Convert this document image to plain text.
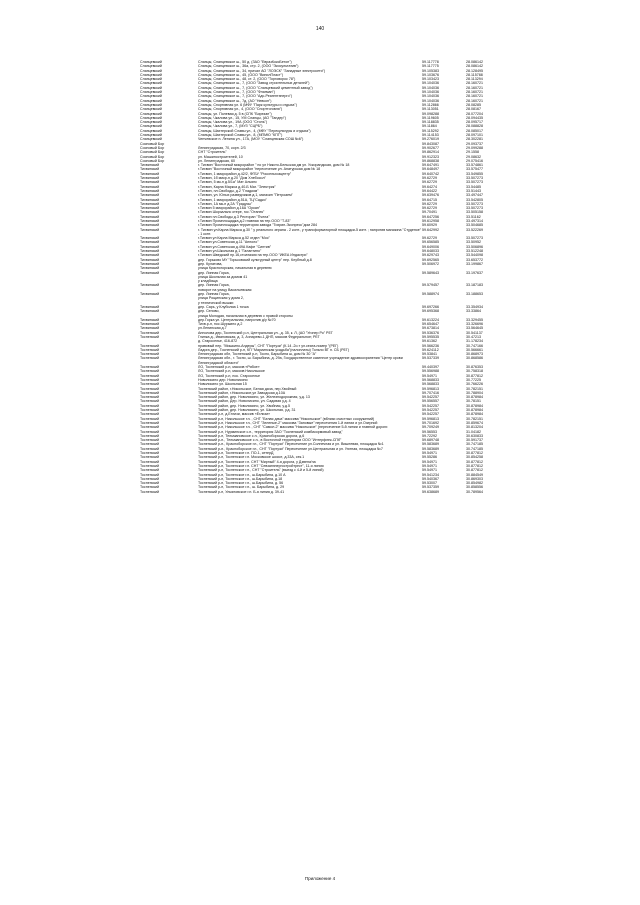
140
Сланцевский	Сланцы, Сланцевское ш., 50 д. (ЗАО "ЕвразКоксБетон")	59.117778	28.086142
Сланцевский	Сланцы, Сланцевское ш., 36а, стр. 2, (ООО "Экосультатив")	59.117775	28.086142
Сланцевский	Сланцы, Сланцевское ш., 34, причал АО "ЛОЭСК" "Западные электросети")	59.105383	28.128495
Сланцевский	Сланцы, Сланцевское ш., 45, (ООО "ВинилПласт")	59.103676	28.115788
Сланцевский	Сланцы, Сланцевское ш., 48, ст. 2, (ООО "Торговорос 78")	59.103423	28.113294
Сланцевский	Сланцы, Сланцевское ш., 7, (ООО "Завод строительных деталей")	59.104036	28.160721
Сланцевский	Сланцы, Сланцевское ш., 7, (ООО "Сланцевский цементный завод")	59.104036	28.160721
Сланцевский	Сланцы, Сланцевское ш., 7, (ООО "Флагман")	59.104036	28.160721
Сланцевский	Сланцы, Сланцевское ш., 7, (ООО "Адс-Реагентэнерго")	59.104036	28.160721
Сланцевский	Сланцы, Сланцевское ш., 7д, (АО "Невкон")	59.104036	28.160721
Сланцевский	Сланцы, Спортивная ул. 6 (МФУ "Парк культуры и отдыха")	59.112866	28.08285
Сланцевский	Сланцы, Спортивная ул., 4, (ООО "Спорттоговля")	59.113051	28.08167
Сланцевский	Сланцы, ул. Полевая д. 5 в (СПК "Бирезан")	59.098288	28.077204
Сланцевский	Сланцы, Чкалова ул., 15, УМ Сланцы, (АО "Тандер")	59.119605	28.094435
Сланцевский	Сланцы, Чкалова ул., 19А (ООО "Стиль")	59.118835	28.095717
Сланцевский	Сланцы, Чкалова ул., 7, (МУЗ "СЦРБ")	59.11864	28.088828
Сланцевский	Сланцы, Шахтерской Славы ул., 4, (МФУ "Перекультуры и отдыха")	59.115292	28.085017
Сланцевский	Сланцы, Шахтерской Славы ул., 8, (МПМЮ "КПТ")	59.114153	28.097101
Сланцевский	Чепчевское п. Ленина ул., 17А, (МОУ "Сланцевская СОШ №6")	59.276019	28.302281
Сосновый Бор		59.843087	29.093737
Сосновый Бор	Ленинградская, 70, корп. 2/3	59.902677	29.099288
Сосновый Бор	СНТ "Строитель"	59.862914	29.1558
Сосновый Бор	ул. Машиностроителей, 10	59.912323	29.08632
Сосновый Бор	ул. Ленинградская, 60	59.868838	29.075416
Тихвинский	г. Тихвин "Восточный микрорайон " по ул Никото-Бельская дм ул. Ускорандская, дом № 18	59.647491	33.574861
Тихвинский	г.Тихвин "Восточный микрорайон "пересечение ул. Апатурская дом № 18	59.648497	33.575477
Тихвинский	г.Тихвин, 1 микрорайон д.42/2, ФГБУ "Россельхозцентр"	59.640742	33.549855
Тихвинский	г.Тихвин, 1б микр-н д.20 "Дом Хлебосол"	59.62729	33.507273
Тихвинский	г.Тихвин, 5 мк-н д.5/1а" Мат Альянс	59.62729	33.507273
Тихвинский	г.Тихвин, Карла Маркса д.40-Б Маг. "Электрик"	59.64274	33.54485
Тихвинский	г.Тихвин, пл.Свободы, д.2 "Гладком"	59.64422	33.51443
Тихвинский	г.Тихвин, ул. Юных разведчиков д.1, магазин "Петроаем"	59.639476	33.497447
Тихвинский	г.Тихвин, 1 микрорайон д.51А, ТЦ"Садко"	59.64715	33.542805
Тихвинский	г.Тихвин, 1А мк-н д.2А "Градусы"	59.62729	33.507273
Тихвинский	г.Тихвин 5 микрорайон д.16А "Оркан"	59.62729	33.507273
Тихвинский	г.Тихвин Шорзальнс отере, гос."Отанек"	59.70491	33.505158
Тихвинский	г.Тихвин пл.Свободы д.3 Ресторан "Пчела"	59.647256	33.51162
Тихвинский	г.Тихвин Промплощадка,д.2 главная на тер.ООО "Т-83"	59.612958	33.497314
Тихвинский	г.Тихвин Промплощадка территория завода "Тихрин-Экопресс"дом 284	59.60929	33.504685
Тихвинский	г. Тихвин ул.Карла Маркса д.30 " у реального зерана - 2 конт., у трансформаторной площадки-5 конт. ; напротив магазина "Студеное" - 1 конт.	59.642992	33.522269
Тихвинский	г.Тихвин ул Карла Маркса д.52 отдел "Мос"	59.62729	33.507273
Тихвинский	г.Тихвин ул.Советская д.11 "Апполо"	59.656585	33.50952
Тихвинский	г.Тихвин ул.Советская д.49А Кафе "Синтив"	59.649006	33.506896
Тихвинский	г.Тихвин ул.Школьная д.1 "Галантино"	59.648033	33.512248
Тихвинский	г.Тихвин Шведский пр.16,стоатазия на тер.ООО "ИКЕА Индастри"	59.629743	33.544098
Тихвинский	дер. Горьково МУ "Горьковский культурный центр" пер. Клубный д.8	59.692565	33.653772
Тихвинский	дер. Кулатова,	59.506972	33.199867
Тихвинский	улица Красногорская, начальная в деревню		
Тихвинский	дер. Липная Горка,	59.589643	33.197637
	улица Школьная за домом 41		
	у кладбища		
Тихвинский	дер. Липная Горка,	59.579457	33.187183
	поворот на улицу Васильевская		
Тихвинский	дер. Липная Горка,	59.588974	33.188653
	улица Рощинская у дома 2,		
	у технической вышки		
Тихвинский	дер. Сарь, у Клубилиа 1 точка	59.697266	33.354934
Тихвинский	дер. Сеново,	59.695368	33.33864
	улица Молодая, начальная в деревню с правой стороны		
Тихвинский	дер.Горка ул. Центральная, напротив д/у №70	59.613224	33.329455
Тихвинский	Тихв.р-н, пос.Шурыино д.2	59.654647	33.326696
Тихвинский	ул.Ленинская д.7	59.673814	33.564645
Тосненский	Аннолова дер.,Тосненский р-н, Центральная ул., д. 35, к. Л, (АО "Угонер Ро" РЕГ	59.536376	30.541137
Тосненский	Глинка д., Ивановская, д. 3, Ачнарево-1 ДНП, массив Федеральное; РЕГ	59.595535	30.47213
	д. Староселье, 416-872	59.61362	31.178234
Тосненский	правовый пер. "Мишкино-Андеры", СНТ "Портузи" (К.14 -2о.т ул.сеата-номер "(РЕГ)	59.566236	30.747166
Тосненский	Ладога дер., Тосненский р-н, КП "Мариинская усадьба"(налоплаты) Тольно ВТ п. СБ (РЕГ)	59.624112	30.566661
Тосненский	Ленинградская обл, Тосненский р-н, Тосно, Барыбина ш, дом № 30 "А"	59.53841	30.868973
Тосненский	Ленинградская обл., г. Тосно, ш. Барыбина, д. 29а, Государственное казенное учреждение здравоохранения "Центр крови Ленинградской области"	59.537339	30.868586
Тосненский	ЛО, Тосненский р-н, массив «Рябое»	59.440397	30.876353
Тосненский	ЛО, Тосненский р-н, массив Никольское	59.556988	30.758318
Тосненский	ЛО, Тосненский р-н, пос. Староселье	59.54971	30.877812
Тосненский	Новолисино дер. Новолисино	59.568833	30.77225
Тосненский	Новолисино ул. Школьная 15	59.568833	30.766226
Тосненский	Тосненский район, г.Никольское, Белая дача, пер.Хвойный	59.596813	30.782151
Тосненский	Тосненский район, г.Никольское,ул Заводская д.10А	59.707416	30.788904
Тосненский	Тосненский район, дер. Новолисино, ул. Железнодорожная, у.д. 13	59.542257	30.878984
Тосненский	Тосненский район, Дер. Новолисино, ул. Садовая у.д. 4	59.556557	30.78151
Тосненский	Тосненский район, дер. Новолисино, ул. Хвойная, у.д.5	59.542257	30.878984
Тосненский	Тосненский район, дер. Новолисино, ул. Школьная, у.д. 31	59.542257	30.878984
Тосненский	Тосненский р-н, д.Еглизи, массив «Еглизи»	59.542257	30.878984
Тосненский	Тосненский р-н, Никольское г.п. , СНТ "Белая дача" массива "Никольское" (вблизи очистных сооружений)	59.596813	30.782151
Тосненский	Тосненский р-н, Никольское г.п., СНТ "Зеленые-2" массива "Заповые" пересечения 1-й линии и ул.Озерной	59.701692	30.859674
Тосненский	Тосненский р-н, Никольское г.п. , СНТ "Самол-2" массива "Никольское" (пересечение 5-й линии и главной дороги	59.709249	30.813204
Тосненский	Тосненский р-н, Нурминское с.п., территория ЗАО "Тосненский комбикормовый завод"	59.56553	31.04182
Тосненский	Тосненский р-н, Тельмановское с.п., Красноборская дорога, д.6	59.72292	30.630833
Тосненский	Тосненский р-н., Тельмановское с.п., в Восточной территории ООО "Интерфлек-СПб"	59.689748	30.591737
Тосненский	Тосненский р-н., Красноборское г.п., СНТ "Портузи" Пересечение ул.Солнечная и ул. Вишневая, площадка №1	59.583689	30.747185
Тосненский	Тосненский р-н., Красноборское г.п., СНТ "Портузи" Пересечение ул.Центральная и ул. Уютная, площадка №7	59.583689	30.747185
Тосненский	Тосненский р-н, Тосненское г.п. ПО-1, сетерД	59.54971	30.877812
Тосненский	Тосненский р-н, Тосненское г.п. Московское шоссе, д.33А, сек.1	59.55286	30.854258
Тосненский	Тосненский р-н, Тосненское г.п. СНТ "Мирный" 4-я дорога, у Дзвена'на	59.54971	30.877812
Тосненский	Тосненский р-н, Тосненское г.п. СНТ "Севзапэнергостройтрест", 11-я линия	59.54971	30.877812
Тосненский	Тосненский р-н, Тосненское г.п., СНТ "Строитель" (выезд с 4-й и 5-й линий)	59.54971	30.877812
Тосненский	Тосненский р-н, Тосненское г.п., ш.Барыбина, д.10 А	59.541234	30.884549
Тосненский	Тосненский р-н, Тосненское г.п., ш.Барыбина, д.18	59.540367	30.869303
Тосненский	Тосненский р-н, Тосненское г.п., ш.Барыбина, д. 56	59.53007	30.854982
Тосненский	Тосненский р-н, Тосненское г.п., ш. Барыбина, д. 29	59.537359	30.858556
Тосненский	Тосненский р-н, Ульяновское г.п. Б-я линия д. 39-41	59.638689	30.789564
Приложение 4
